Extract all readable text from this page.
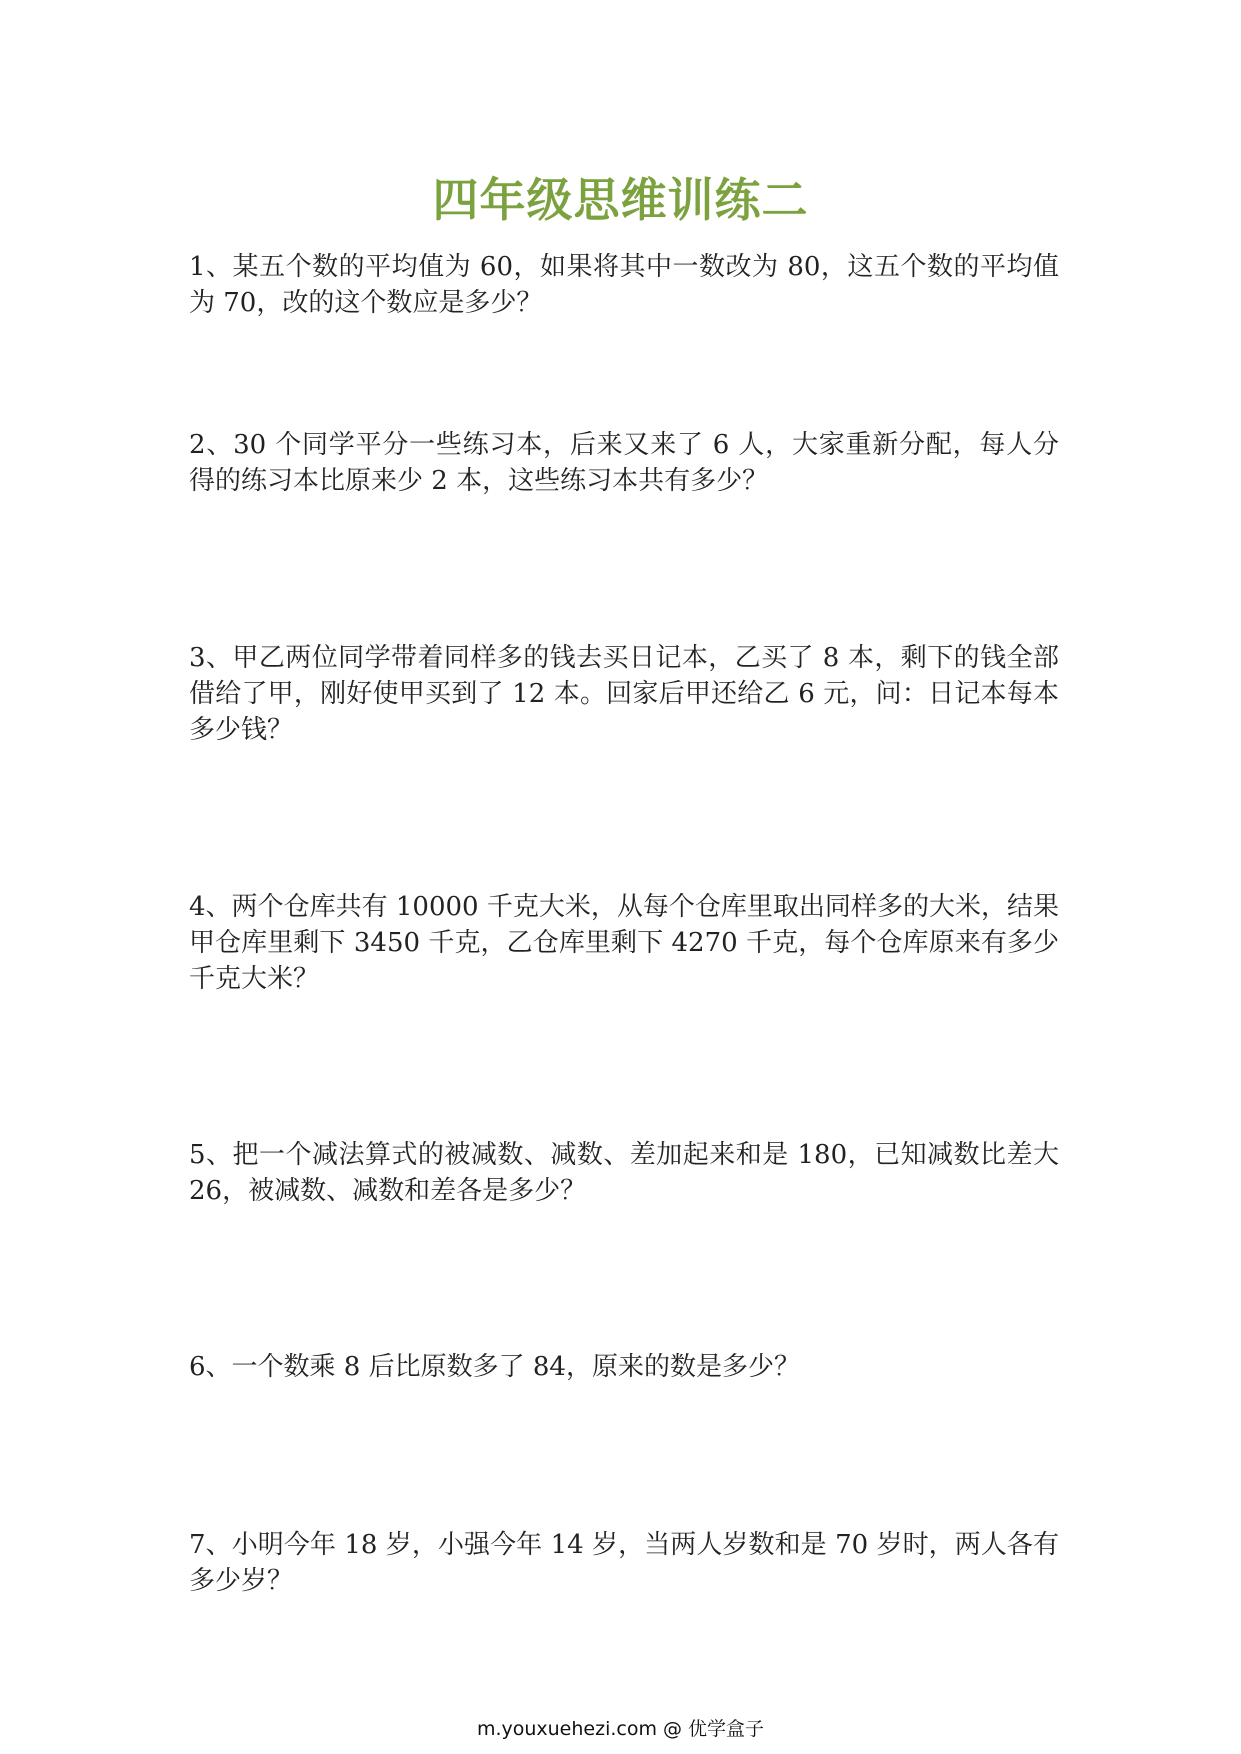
四年级思维训练二
1、某五个数的平均值为 60，如果将其中一数改为 80，这五个数的平均值为 70，改的这个数应是多少？
2、30 个同学平分一些练习本，后来又来了 6 人，大家重新分配，每人分得的练习本比原来少 2 本，这些练习本共有多少？
3、甲乙两位同学带着同样多的钱去买日记本，乙买了 8 本，剩下的钱全部借给了甲，刚好使甲买到了 12 本。回家后甲还给乙 6 元，问：日记本每本多少钱？
4、两个仓库共有 10000 千克大米，从每个仓库里取出同样多的大米，结果甲仓库里剩下 3450 千克，乙仓库里剩下 4270 千克，每个仓库原来有多少千克大米？
5、把一个减法算式的被减数、减数、差加起来和是 180，已知减数比差大 26，被减数、减数和差各是多少？
6、一个数乘 8 后比原数多了 84，原来的数是多少？
7、小明今年 18 岁，小强今年 14 岁，当两人岁数和是 70 岁时，两人各有多少岁？
m.youxuehezi.com @ 优学盒子
